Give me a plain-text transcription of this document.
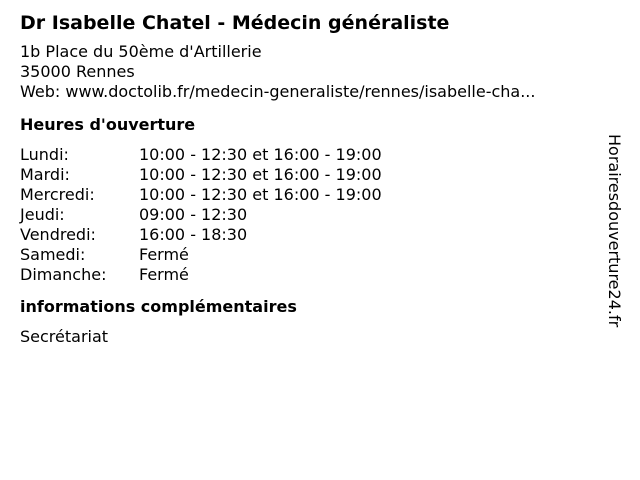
Dr Isabelle Chatel - Médecin généraliste
1b Place du 50ème d'Artillerie
35000 Rennes
Web: www.doctolib.fr/medecin-generaliste/rennes/isabelle-cha...
Heures d'ouverture
Lundi:	10:00 - 12:30 et 16:00 - 19:00
Mardi:	10:00 - 12:30 et 16:00 - 19:00
Mercredi:	10:00 - 12:30 et 16:00 - 19:00
Jeudi:	09:00 - 12:30
Vendredi:	16:00 - 18:30
Samedi:	Fermé
Dimanche:	Fermé
informations complémentaires
Secrétariat
Horairesdouverture24.fr
